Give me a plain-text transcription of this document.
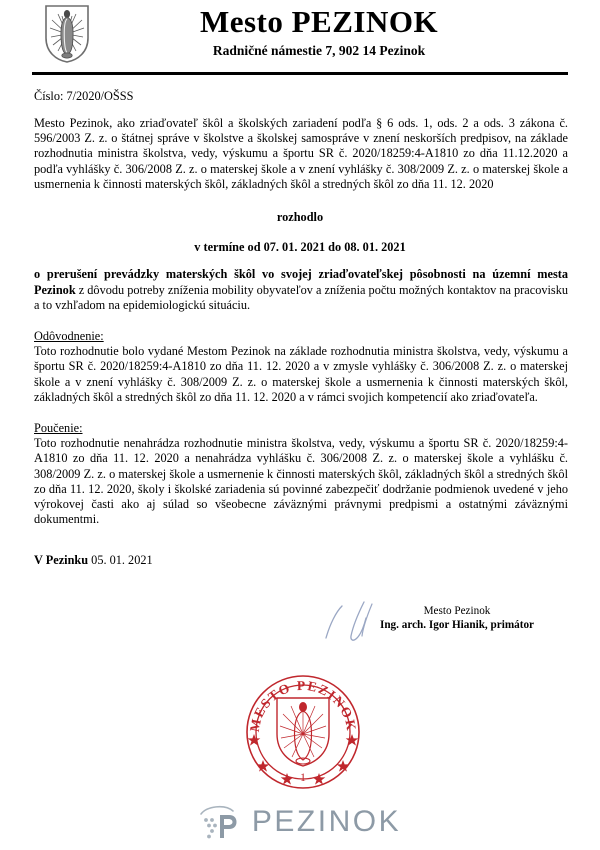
Mesto PEZINOK
Radničné námestie 7, 902 14 Pezinok
Číslo: 7/2020/OŠSS

Mesto Pezinok, ako zriaďovateľ škôl a školských zariadení podľa § 6 ods. 1, ods. 2 a ods. 3 zákona č. 596/2003 Z. z. o štátnej správe v školstve a školskej samospráve v znení neskorších predpisov, na základe rozhodnutia ministra školstva, vedy, výskumu a športu SR č. 2020/18259:4-A1810 zo dňa 11.12.2020 a podľa vyhlášky č. 306/2008 Z. z. o materskej škole a v znení vyhlášky č. 308/2009 Z. z. o materskej škole a usmernenia k činnosti materských škôl, základných škôl a stredných škôl zo dňa 11. 12. 2020

rozhodlo
v termíne od 07. 01. 2021 do 08. 01. 2021

o prerušení prevádzky materských škôl vo svojej zriaďovateľskej pôsobnosti na územní mesta Pezinok z dôvodu potreby zníženia mobility obyvateľov a zníženia počtu možných kontaktov na pracovisku a to vzhľadom na epidemiologickú situáciu.

Odôvodnenie:

Toto rozhodnutie bolo vydané Mestom Pezinok na základe rozhodnutia ministra školstva, vedy, výskumu a športu SR č. 2020/18259:4-A1810 zo dňa 11. 12. 2020 a v zmysle vyhlášky č. 306/2008 Z. z. o materskej škole a v znení vyhlášky č. 308/2009 Z. z. o materskej škole a usmernenia k činnosti materských škôl, základných škôl a stredných škôl zo dňa 11. 12. 2020 a v rámci svojich kompetencií ako zriaďovateľa.

Poučenie:

Toto rozhodnutie nenahrádza rozhodnutie ministra školstva, vedy, výskumu a športu SR č. 2020/18259:4-A1810 zo dňa 11. 12. 2020 a nenahrádza vyhlášku č. 306/2008 Z. z. o materskej škole a vyhlášku č. 308/2009 Z. z. o materskej škole a usmernenie k činnosti materských škôl, základných škôl a stredných škôl zo dňa 11. 12. 2020, školy i školské zariadenia sú povinné zabezpečiť dodržanie podmienok uvedené v jeho výrokovej časti ako aj súlad so všeobecne záväznými právnymi predpismi a ostatnými záväznými dokumentmi.

V Pezinku 05. 01. 2021
Mesto Pezinok
Ing. arch. Igor Hianik, primátor
MESTO PEZINOK
1
PEZINOK
